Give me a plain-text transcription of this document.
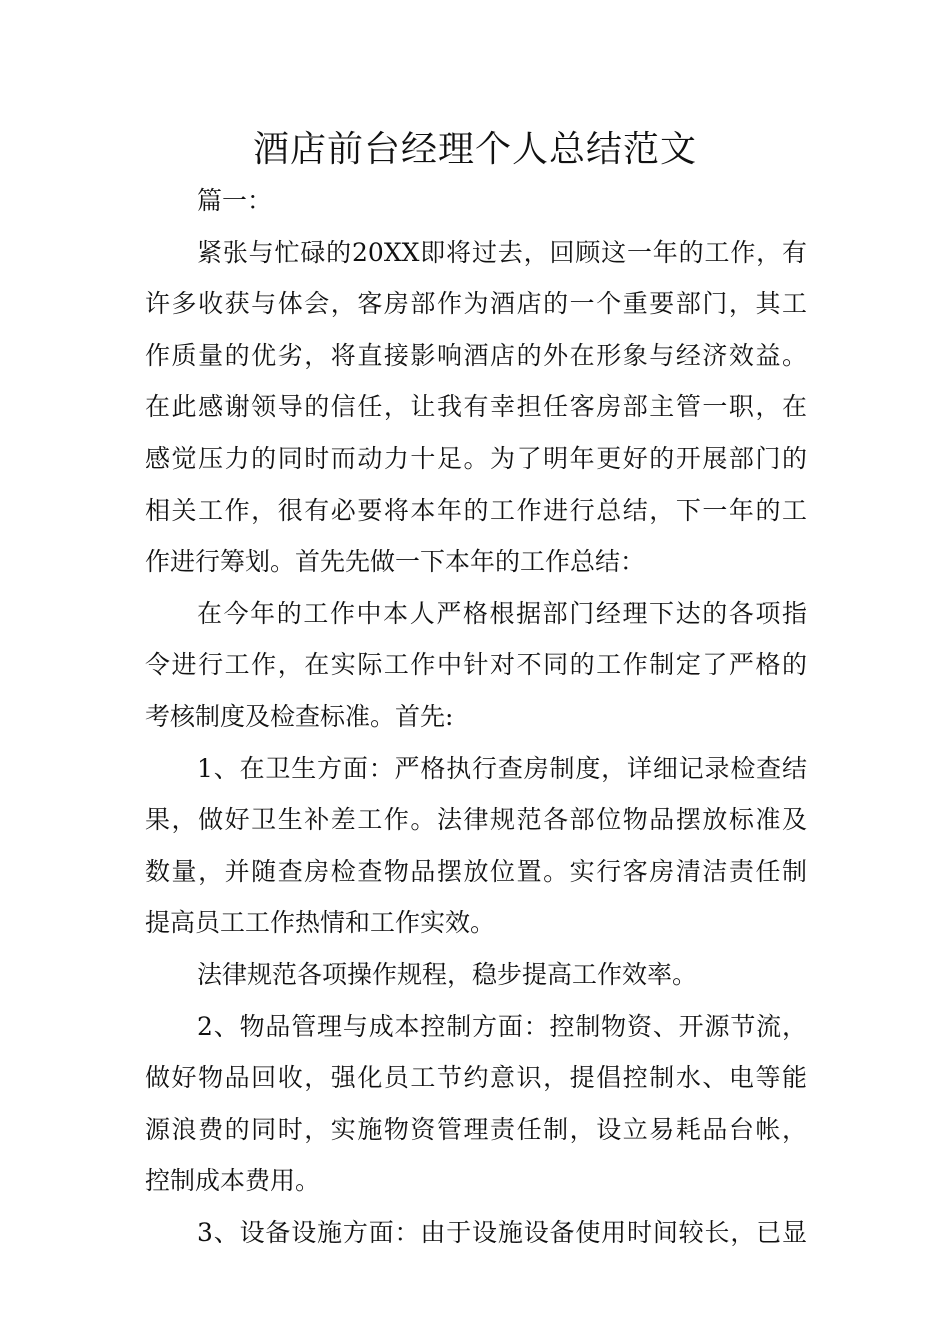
酒店前台经理个人总结范文
篇一：
紧张与忙碌的20XX即将过去，回顾这一年的工作，有
许多收获与体会，客房部作为酒店的一个重要部门，其工
作质量的优劣，将直接影响酒店的外在形象与经济效益。
在此感谢领导的信任，让我有幸担任客房部主管一职，在
感觉压力的同时而动力十足。为了明年更好的开展部门的
相关工作，很有必要将本年的工作进行总结，下一年的工
作进行筹划。首先先做一下本年的工作总结：
在今年的工作中本人严格根据部门经理下达的各项指
令进行工作，在实际工作中针对不同的工作制定了严格的
考核制度及检查标准。首先:
1、在卫生方面：严格执行查房制度，详细记录检查结
果，做好卫生补差工作。法律规范各部位物品摆放标准及
数量，并随查房检查物品摆放位置。实行客房清洁责任制
提高员工工作热情和工作实效。
法律规范各项操作规程，稳步提高工作效率。
2、物品管理与成本控制方面：控制物资、开源节流，
做好物品回收，强化员工节约意识，提倡控制水、电等能
源浪费的同时，实施物资管理责任制，设立易耗品台帐，
控制成本费用。
3、设备设施方面：由于设施设备使用时间较长，已显
